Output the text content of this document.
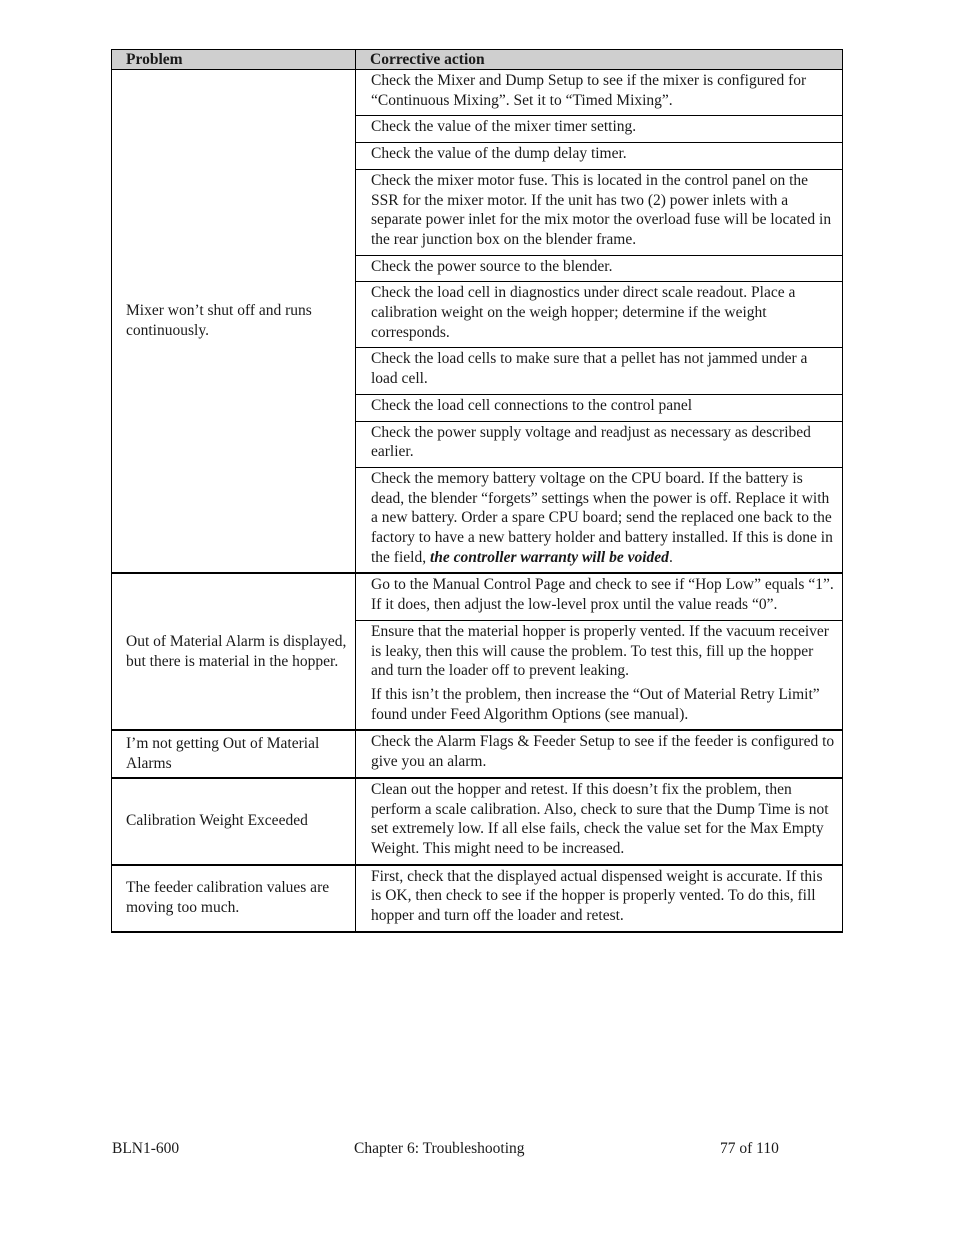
Problem	Corrective action
Mixer won’t shut off and runs continuously.	Check the Mixer and Dump Setup to see if the mixer is configured for “Continuous Mixing”. Set it to “Timed Mixing”.

	Check the value of the mixer timer setting.

	Check the value of the dump delay timer.

	Check the mixer motor fuse. This is located in the control panel on the SSR for the mixer motor. If the unit has two (2) power inlets with a separate power inlet for the mix motor the overload fuse will be located in the rear junction box on the blender frame.

	Check the power source to the blender.

	Check the load cell in diagnostics under direct scale readout. Place a calibration weight on the weigh hopper; determine if the weight corresponds.

	Check the load cells to make sure that a pellet has not jammed under a load cell.

	Check the load cell connections to the control panel

	Check the power supply voltage and readjust as necessary as described earlier.

	Check the memory battery voltage on the CPU board. If the battery is dead, the blender “forgets” settings when the power is off. Replace it with a new battery. Order a spare CPU board; send the replaced one back to the factory to have a new battery holder and battery installed. If this is done in the field, the controller warranty will be voided.

Out of Material Alarm is displayed, but there is material in the hopper.	Go to the Manual Control Page and check to see if “Hop Low” equals “1”. If it does, then adjust the low-level prox until the value reads “0”.

	Ensure that the material hopper is properly vented. If the vacuum receiver is leaky, then this will cause the problem. To test this, fill up the hopper and turn the loader off to prevent leaking.

If this isn’t the problem, then increase the “Out of Material Retry Limit” found under Feed Algorithm Options (see manual).

I’m not getting Out of Material Alarms	Check the Alarm Flags & Feeder Setup to see if the feeder is configured to give you an alarm.

Calibration Weight Exceeded	Clean out the hopper and retest. If this doesn’t fix the problem, then perform a scale calibration. Also, check to sure that the Dump Time is not set extremely low. If all else fails, check the value set for the Max Empty Weight. This might need to be increased.

The feeder calibration values are moving too much.	First, check that the displayed actual dispensed weight is accurate. If this is OK, then check to see if the hopper is properly vented. To do this, fill hopper and turn off the loader and retest.

BLN1-600	Chapter 6: Troubleshooting	77 of 110
